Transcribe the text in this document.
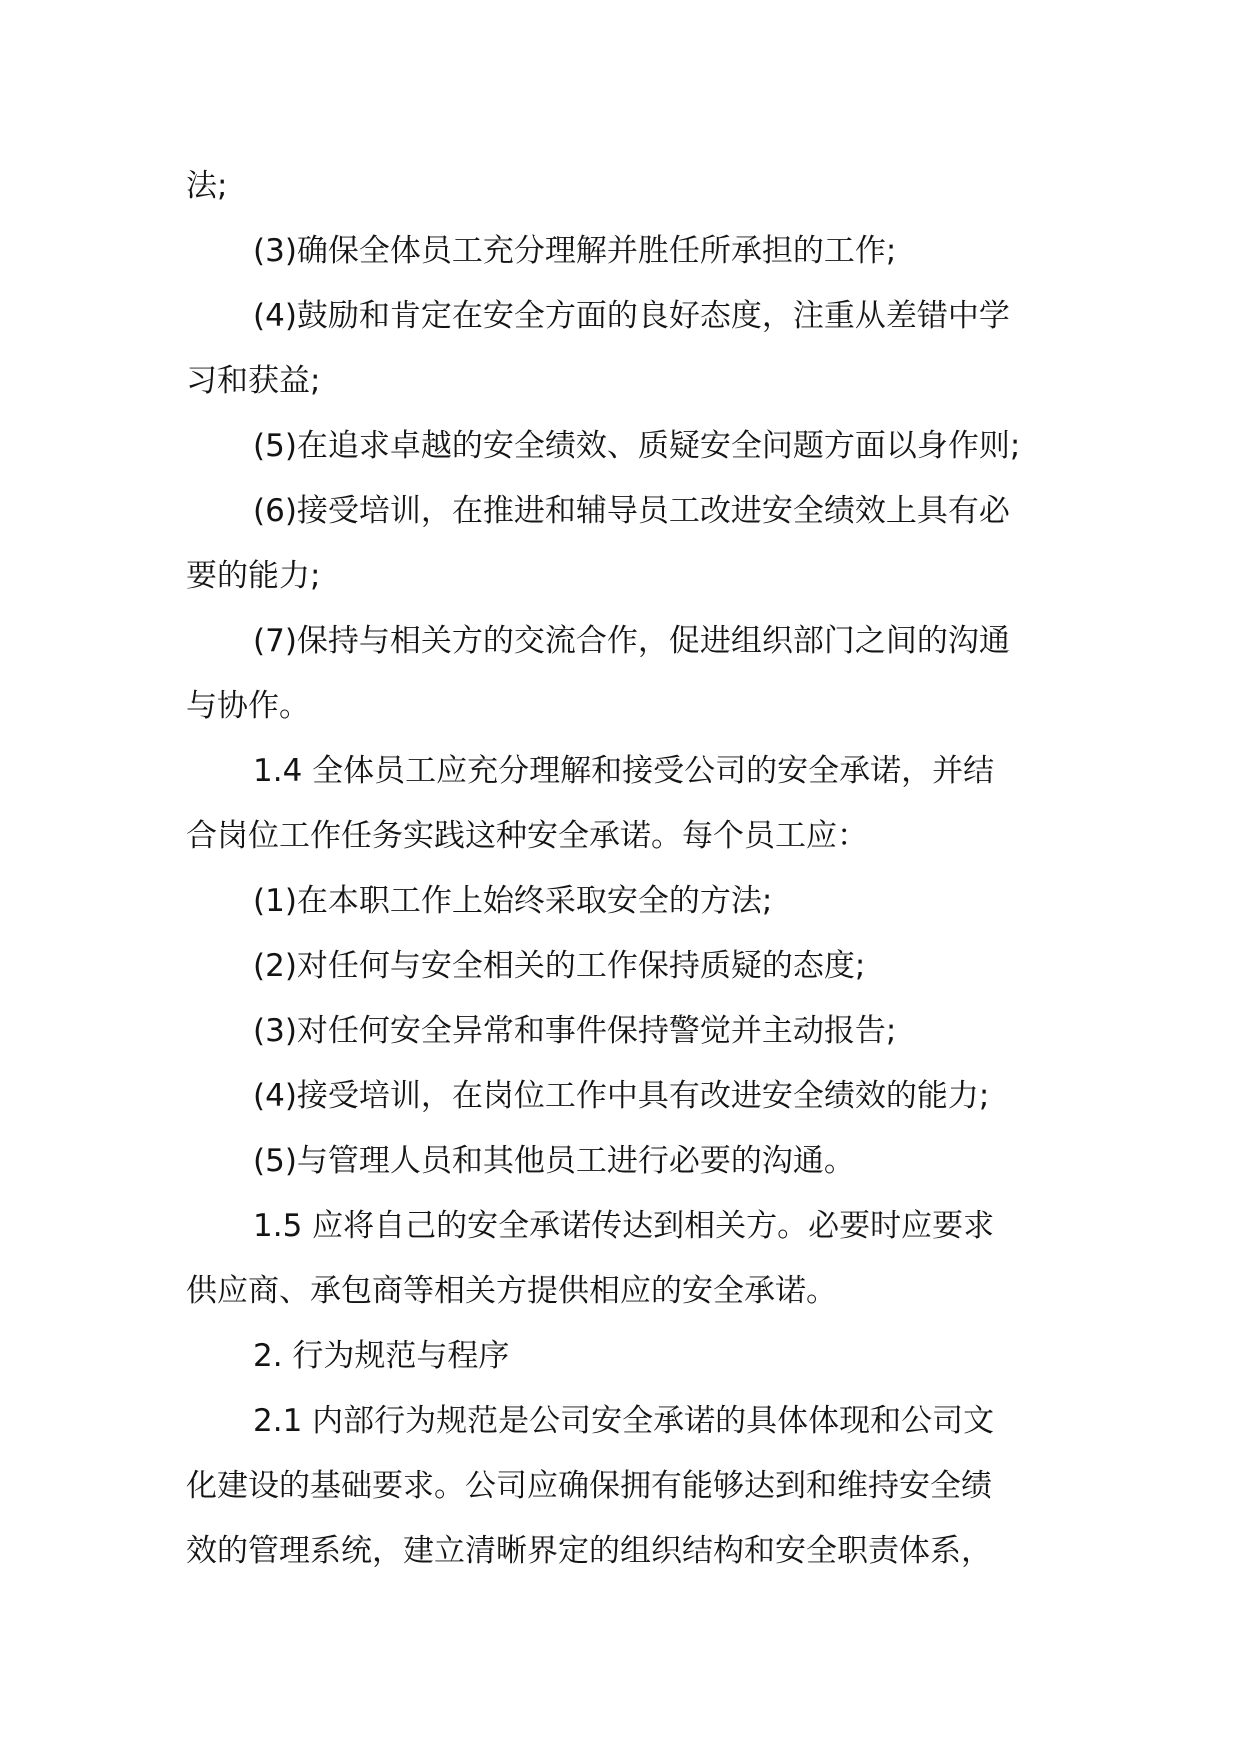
法;
(3)确保全体员工充分理解并胜任所承担的工作;
(4)鼓励和肯定在安全方面的良好态度，注重从差错中学
习和获益;
(5)在追求卓越的安全绩效、质疑安全问题方面以身作则;
(6)接受培训，在推进和辅导员工改进安全绩效上具有必
要的能力;
(7)保持与相关方的交流合作，促进组织部门之间的沟通
与协作。
1.4 全体员工应充分理解和接受公司的安全承诺，并结
合岗位工作任务实践这种安全承诺。每个员工应：
(1)在本职工作上始终采取安全的方法;
(2)对任何与安全相关的工作保持质疑的态度;
(3)对任何安全异常和事件保持警觉并主动报告;
(4)接受培训，在岗位工作中具有改进安全绩效的能力;
(5)与管理人员和其他员工进行必要的沟通。
1.5 应将自己的安全承诺传达到相关方。必要时应要求
供应商、承包商等相关方提供相应的安全承诺。
2. 行为规范与程序
2.1 内部行为规范是公司安全承诺的具体体现和公司文
化建设的基础要求。公司应确保拥有能够达到和维持安全绩
效的管理系统，建立清晰界定的组织结构和安全职责体系，
